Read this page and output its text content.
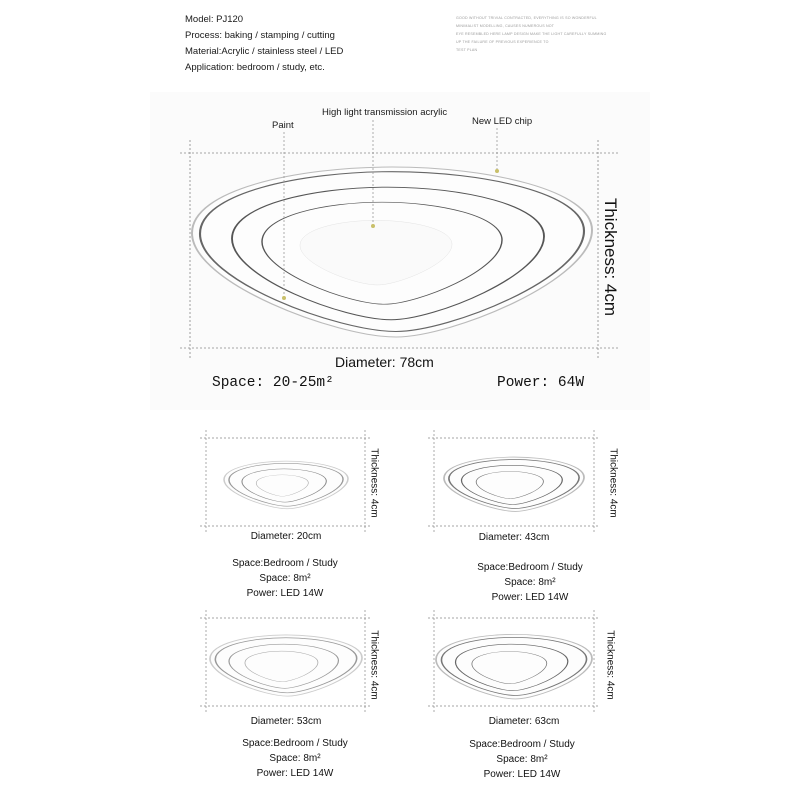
Model: PJ120
Process: baking / stamping / cutting
Material:Acrylic / stainless steel / LED
Application: bedroom / study, etc.
GOOD WITHOUT TRIVIAL CONTRACTED, EVERYTHING IS SO WONDERFUL
MINIMALIST MODELLING, CAUSES NUMEROUS NOT
EYE RESEMBLED HERE LAMP DESIGN MAKE THE LIGHT CAREFULLY SUMMING
UP THE FAILURE OF PREVIOUS EXPERIENCE TO
TEST PLAN
Paint
High light transmission acrylic
New LED chip
Thickness: 4cm
Diameter: 78cm
Space: 20-25m²	Power: 64W
Thickness: 4cm
Diameter: 20cm
Space:Bedroom / Study
Space: 8m²
Power: LED 14W
Thickness: 4cm
Diameter: 43cm
Space:Bedroom / Study
Space: 8m²
Power: LED 14W
Thickness: 4cm
Diameter: 53cm
Space:Bedroom / Study
Space: 8m²
Power: LED 14W
Thickness: 4cm
Diameter: 63cm
Space:Bedroom / Study
Space: 8m²
Power: LED 14W
